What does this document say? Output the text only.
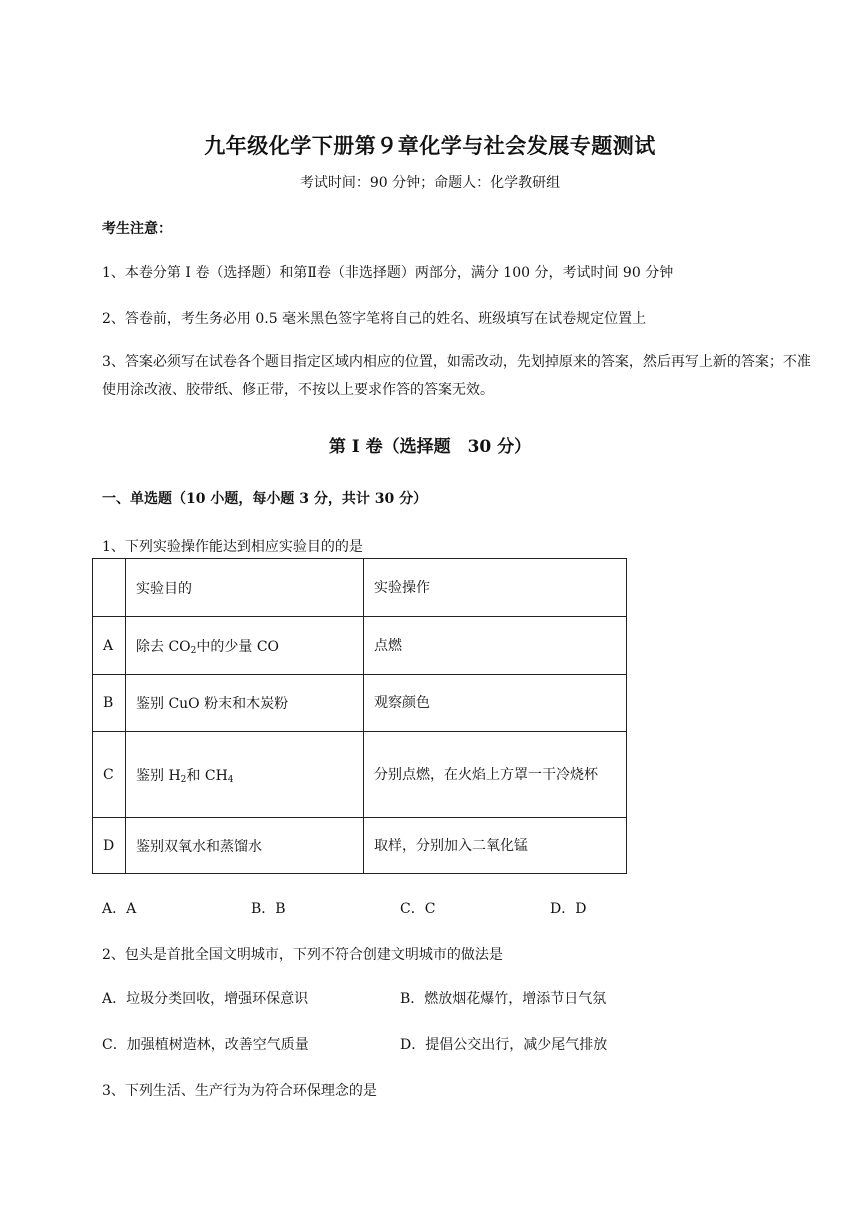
九年级化学下册第９章化学与社会发展专题测试
考试时间：90 分钟；命题人：化学教研组
考生注意：
1、本卷分第 I 卷（选择题）和第Ⅱ卷（非选择题）两部分，满分 100 分，考试时间 90 分钟
2、答卷前，考生务必用 0.5 毫米黑色签字笔将自己的姓名、班级填写在试卷规定位置上
3、答案必须写在试卷各个题目指定区域内相应的位置，如需改动，先划掉原来的答案，然后再写上新的答案；不准使用涂改液、胶带纸、修正带，不按以上要求作答的答案无效。
第 I 卷（选择题　30 分）
一、单选题（10 小题，每小题 3 分，共计 30 分）
1、下列实验操作能达到相应实验目的的是
	实验目的	实验操作
A	除去 $CO_2$中的少量 CO	点燃
B	鉴别 CuO 粉末和木炭粉	观察颜色
C	鉴别 $H_2$和 $CH_4$	分别点燃，在火焰上方罩一干冷烧杯
D	鉴别双氧水和蒸馏水	取样，分别加入二氧化锰
A．A	B．B	C．C	D．D
2、包头是首批全国文明城市，下列不符合创建文明城市的做法是
A．垃圾分类回收，增强环保意识	B．燃放烟花爆竹，增添节日气氛
C．加强植树造林，改善空气质量	D．提倡公交出行，减少尾气排放
3、下列生活、生产行为为符合环保理念的是
